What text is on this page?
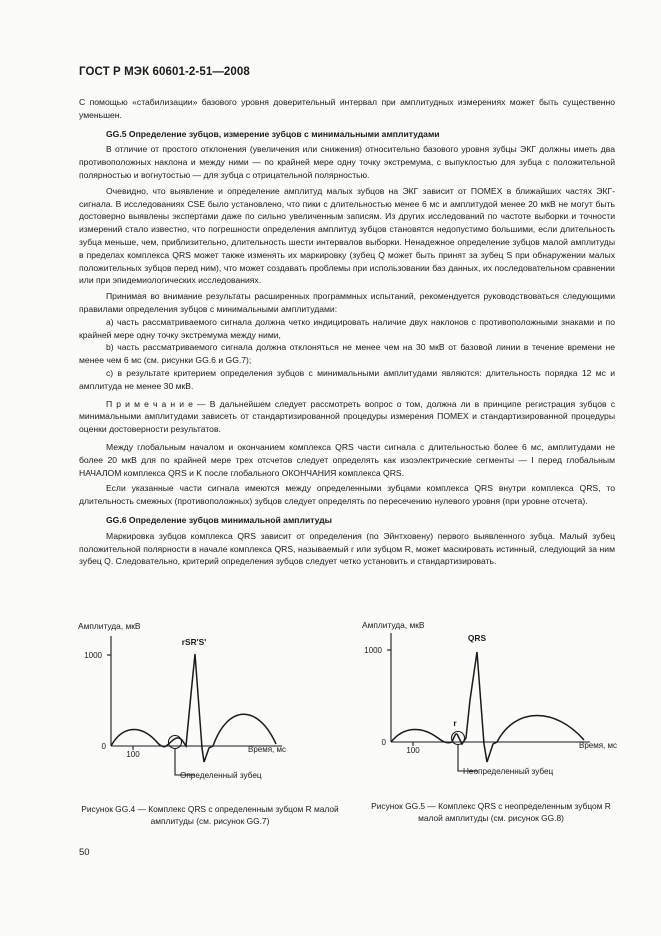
ГОСТ Р МЭК 60601-2-51—2008

С помощью «стабилизации» базового уровня доверительный интервал при амплитудных измерениях может быть существенно уменьшен.

GG.5 Определение зубцов, измерение зубцов с минимальными амплитудами

В отличие от простого отклонения (увеличения или снижения) относительно базового уровня зубцы ЭКГ должны иметь два противоположных наклона и между ними — по крайней мере одну точку экстремума, с выпуклостью для зубца с положительной полярностью и вогнутостью — для зубца с отрицательной полярностью.

Очевидно, что выявление и определение амплитуд малых зубцов на ЭКГ зависит от ПОМЕХ в ближайших частях ЭКГ-сигнала. В исследованиях CSE было установлено, что пики с длительностью менее 6 мс и амплитудой менее 20 мкВ не могут быть достоверно выявлены экспертами даже по сильно увеличенным записям. Из других исследований по частоте выборки и точности измерений стало известно, что погрешности определения амплитуд зубцов становятся недопустимо большими, если длительность зубца меньше, чем, приблизительно, длительность шести интервалов выборки. Ненадежное определение зубцов малой амплитуды в пределах комплекса QRS может также изменять их маркировку (зубец Q может быть принят за зубец S при обнаружении малых положительных зубцов перед ним), что может создавать проблемы при использовании баз данных, их последовательном сравнении или при эпидемиологических исследованиях.

Принимая во внимание результаты расширенных программных испытаний, рекомендуется руководствоваться следующими правилами определения зубцов с минимальными амплитудами:

а) часть рассматриваемого сигнала должна четко индицировать наличие двух наклонов с противоположными знаками и по крайней мере одну точку экстремума между ними,

b) часть рассматриваемого сигнала должна отклоняться не менее чем на 30 мкВ от базовой линии в течение времени не менее чем 6 мс (см. рисунки GG.6 и GG.7);

с) в результате критерием определения зубцов с минимальными амплитудами являются: длительность порядка 12 мс и амплитуда не менее 30 мкВ.

П р и м е ч а н и е — В дальнейшем следует рассмотреть вопрос о том, должна ли в принципе регистрация зубцов с минимальными амплитудами зависеть от стандартизированной процедуры измерения ПОМЕХ и стандартизированной процедуры оценки достоверности результатов.

Между глобальным началом и окончанием комплекса QRS части сигнала с длительностью более 6 мс, амплитудами не более 20 мкВ для по крайней мере трех отсчетов следует определять как изоэлектрические сегменты — I перед глобальным НАЧАЛОМ комплекса QRS и K после глобального ОКОНЧАНИЯ комплекса QRS.

Если указанные части сигнала имеются между определенными зубцами комплекса QRS внутри комплекса QRS, то длительность смежных (противоположных) зубцов следует определять по пересечению нулевого уровня (при уровне отсчета).

GG.6 Определение зубцов минимальной амплитуды

Маркировка зубцов комплекса QRS зависит от определения (по Эйнтховену) первого выявленного зубца. Малый зубец положительной полярности в начале комплекса QRS, называемый r или зубцом R, может маскировать истинный, следующий за ним зубец Q. Следовательно, критерий определения зубцов следует четко установить и стандартизировать.

Амплитуда, мкВ
1000
0
100
Время, мс
rSR'S'
Определенный зубец
Амплитуда, мкВ
1000
0
100
Время, мс
QRS
r
Неопределенный зубец
Рисунок GG.4 — Комплекс QRS с определенным зубцом R малой амплитуды (см. рисунок GG.7)
Рисунок GG.5 — Комплекс QRS с неопределенным зубцом R малой амплитуды (см. рисунок GG.8)
50
